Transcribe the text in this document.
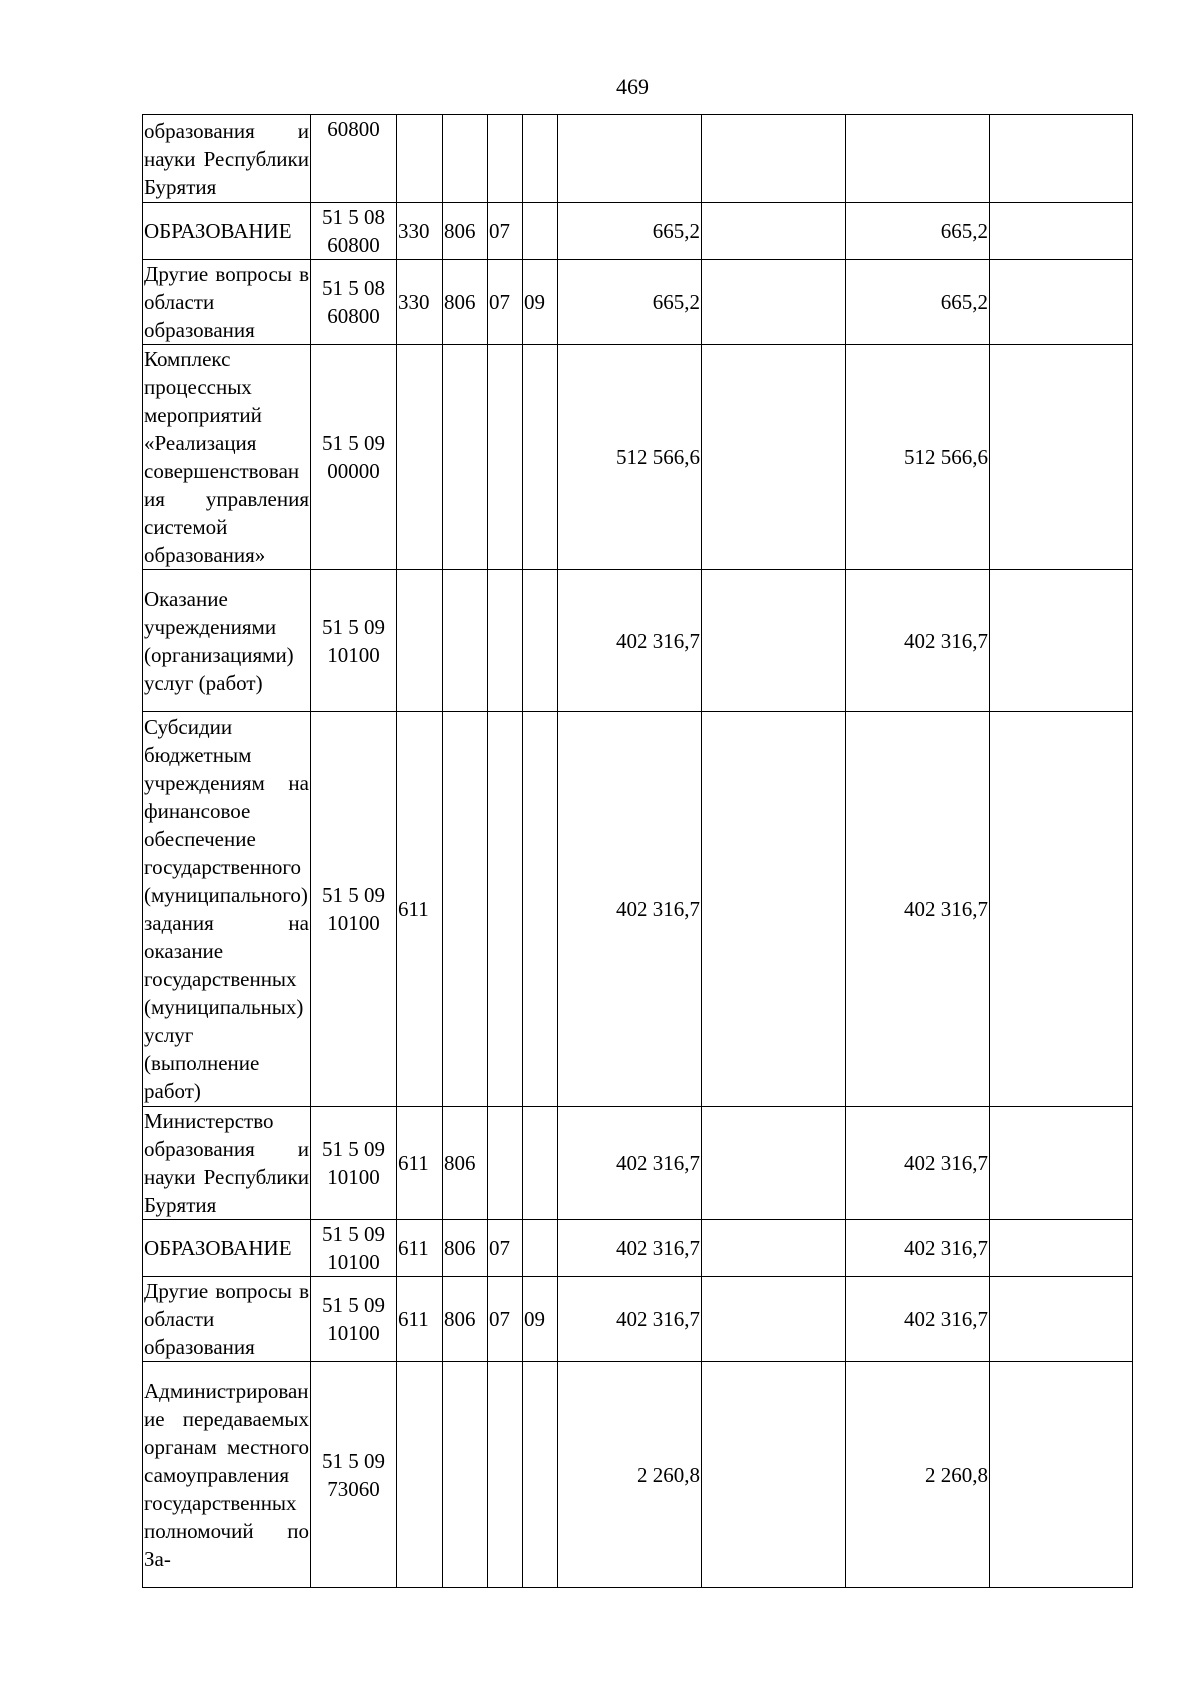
469
образования и науки Республики Бурятия	60800								
ОБРАЗОВАНИЕ	51 5 08 60800	330	806	07		665,2		665,2	
Другие вопросы в области образования	51 5 08 60800	330	806	07	09	665,2		665,2	
Комплекс процессных мероприятий «Реализация совершенствования управления системой образования»	51 5 09 00000					512 566,6		512 566,6	
Оказание учреждениями (организациями) услуг (работ)	51 5 09 10100					402 316,7		402 316,7	
Субсидии бюджетным учреждениям на финансовое обеспечение государственного (муниципального) задания на оказание государственных (муниципальных) услуг (выполнение работ)	51 5 09 10100	611				402 316,7		402 316,7	
Министерство образования и науки Республики Бурятия	51 5 09 10100	611	806			402 316,7		402 316,7	
ОБРАЗОВАНИЕ	51 5 09 10100	611	806	07		402 316,7		402 316,7	
Другие вопросы в области образования	51 5 09 10100	611	806	07	09	402 316,7		402 316,7	
Администрирование передаваемых органам местного самоуправления государственных полномочий по За-	51 5 09 73060					2 260,8		2 260,8	
